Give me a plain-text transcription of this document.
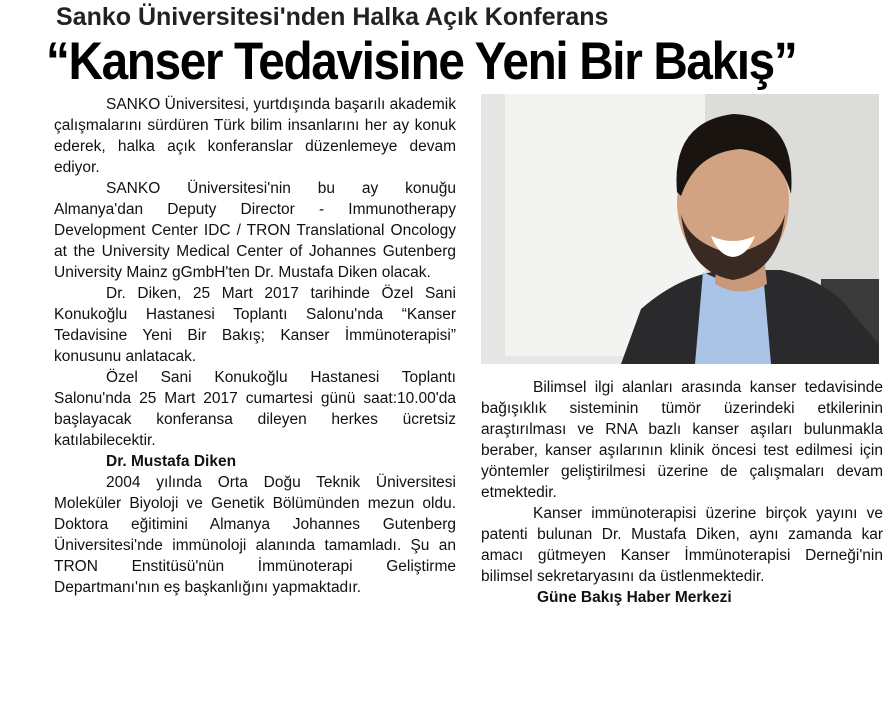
Sanko Üniversitesi'nden Halka Açık Konferans
“Kanser Tedavisine Yeni Bir Bakış”

SANKO Üniversitesi, yurtdışında başarılı akademik çalışmalarını sürdüren Türk bilim insanlarını her ay konuk ederek, halka açık konferanslar düzenlemeye devam ediyor.

SANKO Üniversitesi'nin bu ay konuğu Almanya'dan Deputy Director - Immunotherapy Development Center IDC / TRON Translational Oncology at the University Medical Center of Johannes Gutenberg University Mainz gGmbH'ten Dr. Mustafa Diken olacak.

Dr. Diken, 25 Mart 2017 tarihinde Özel Sani Konukoğlu Hastanesi Toplantı Salonu'nda “Kanser Tedavisine Yeni Bir Bakış; Kanser İmmünoterapisi” konusunu anlatacak.

Özel Sani Konukoğlu Hastanesi Toplantı Salonu'nda 25 Mart 2017 cumartesi günü saat:10.00'da başlayacak konferansa dileyen herkes ücretsiz katılabilecektir.

Dr. Mustafa Diken

2004 yılında Orta Doğu Teknik Üniversitesi Moleküler Biyoloji ve Genetik Bölümünden mezun oldu. Doktora eğitimini Almanya Johannes Gutenberg Üniversitesi'nde immünoloji alanında tamamladı. Şu an TRON Enstitüsü'nün İmmünoterapi Geliştirme Departmanı'nın eş başkanlığını yapmaktadır.

Bilimsel ilgi alanları arasında kanser tedavisinde bağışıklık sisteminin tümör üzerindeki etkilerinin araştırılması ve RNA bazlı kanser aşıları bulunmakla beraber, kanser aşılarının klinik öncesi test edilmesi için yöntemler geliştirilmesi üzerine de çalışmaları devam etmektedir.

Kanser immünoterapisi üzerine birçok yayını ve patenti bulunan Dr. Mustafa Diken, aynı zamanda kar amacı gütmeyen Kanser İmmünoterapisi Derneği'nin bilimsel sekretaryasını da üstlenmektedir.

Güne Bakış Haber Merkezi
